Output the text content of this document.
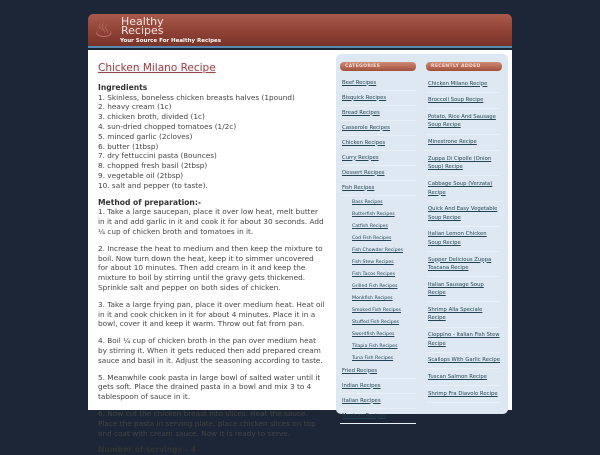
♨ Healthy Recipes
Your Source For Healthy Recipes
Chicken Milano Recipe
Ingredients
1. Skinless, boneless chicken breasts halves (1pound)
2. heavy cream (1c)
3. chicken broth, divided (1c)
4. sun-dried chopped tomatoes (1/2c)
5. minced garlic (2cloves)
6. butter (1tbsp)
7. dry fettuccini pasta (8ounces)
8. chopped fresh basil (2tbsp)
9. vegetable oil (2tbsp)
10. salt and pepper (to taste).
Method of preparation:-

1. Take a large saucepan, place it over low heat, melt butter in it and add garlic in it and cook it for about 30 seconds. Add ¼ cup of chicken broth and tomatoes in it.

2. Increase the heat to medium and then keep the mixture to boil. Now turn down the heat, keep it to simmer uncovered for about 10 minutes. Then add cream in it and keep the mixture to boil by stirring until the gravy gets thickened. Sprinkle salt and pepper on both sides of chicken.

3. Take a large frying pan, place it over medium heat. Heat oil in it and cook chicken in it for about 4 minutes. Place it in a bowl, cover it and keep it warm. Throw out fat from pan.

4. Boil ¼ cup of chicken broth in the pan over medium heat by stirring it. When it gets reduced then add prepared cream sauce and basil in it. Adjust the seasoning according to taste.

5. Meanwhile cook pasta in large bowl of salted water until it gets soft. Place the drained pasta in a bowl and mix 3 to 4 tablespoon of sauce in it.

6. Now cut the chicken breast into slices. Heat the sauce. Place the pasta in serving plate, place chicken slices on top and coat with cream sauce. Now it is ready to serve.

Number of servings - 4
CATEGORIES
Beef Recipes
Bisquick Recipes
Bread Recipes
Casserole Recipes
Chicken Recipes
Curry Recipes
Dessert Recipes
Fish Recipes
Bass Recipes
Butterfish Recipes
Catfish Recipes
Cod Fish Recipes
Fish Chowder Recipes
Fish Stew Recipes
Fish Tacos Recipes
Grilled Fish Recipes
Monkfish Recipes
Smoked Fish Recipes
Stuffed Fish Recipes
Swordfish Recipes
Tilapia Fish Recipes
Tuna Fish Recipes
Fried Recipes
Indian Recipes
Italian Recipes
Mexican Recipes
RECENTLY ADDED
Chicken Milano Recipe
Broccoli Soup Recipe
Potato, Rice And Sausage Soup Recipe
Minestrone Recipe
Zuppa Di Cipolle (Onion Soup) Recipe
Cabbage Soup (Verzata) Recipe
Quick And Easy Vegetable Soup Recipe
Italian Lemon Chicken Soup Recipe
Supper Delicious Zuppa Toscana Recipe
Italian Sausage Soup Recipe
Shrimp Alla Speciale Recipe
Cioppino - Italian Fish Stew Recipe
Scallops With Garlic Recipe
Tuscan Salmon Recipe
Shrimp Fra Diavolo Recipe
